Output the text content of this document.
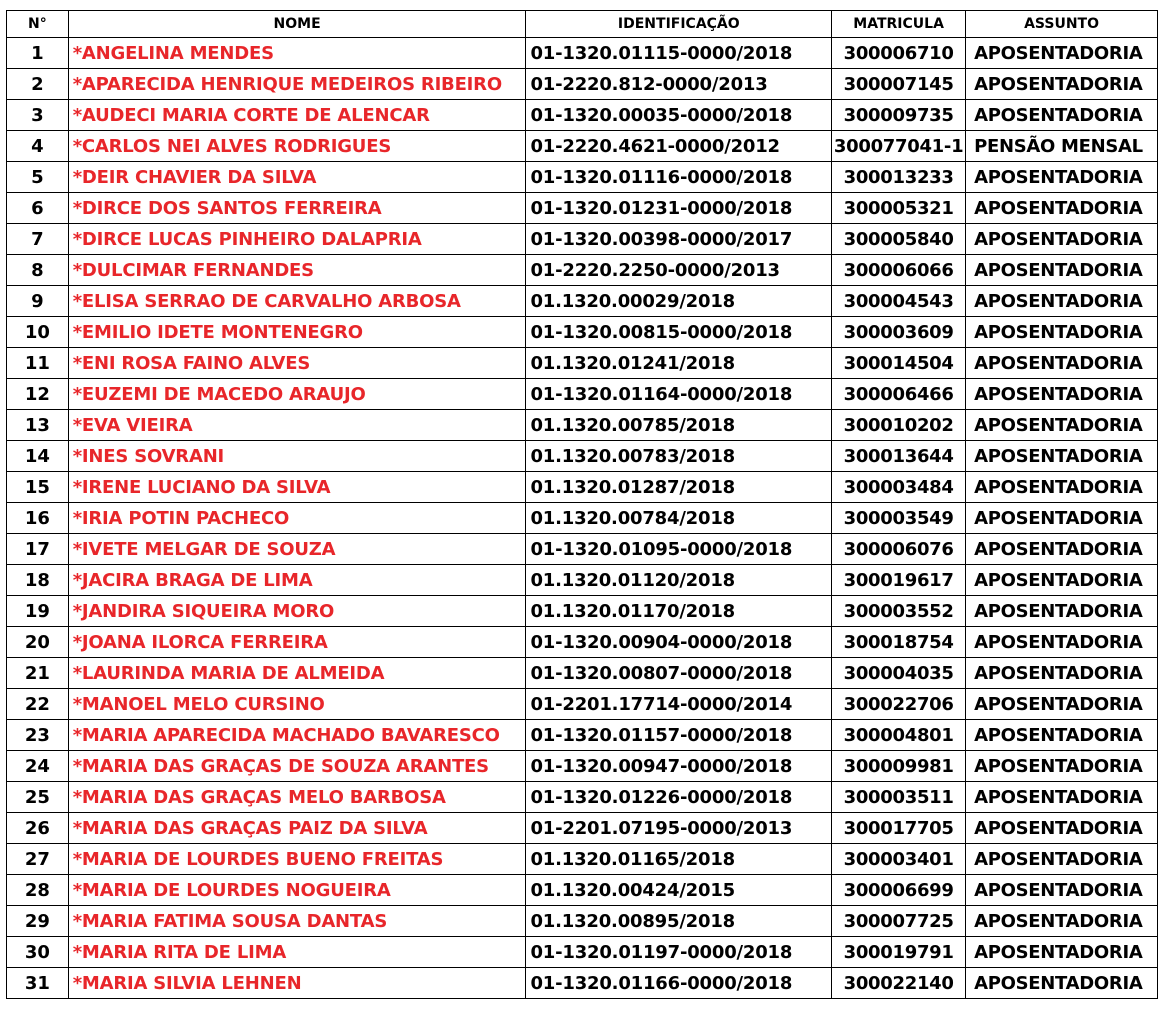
N°	NOME	IDENTIFICAÇÃO	MATRICULA	ASSUNTO
1	*ANGELINA MENDES	01-1320.01115-0000/2018	300006710	APOSENTADORIA
2	*APARECIDA HENRIQUE MEDEIROS RIBEIRO	01-2220.812-0000/2013	300007145	APOSENTADORIA
3	*AUDECI MARIA CORTE DE ALENCAR	01-1320.00035-0000/2018	300009735	APOSENTADORIA
4	*CARLOS NEI ALVES RODRIGUES	01-2220.4621-0000/2012	300077041-1	PENSÃO MENSAL
5	*DEIR CHAVIER DA SILVA	01-1320.01116-0000/2018	300013233	APOSENTADORIA
6	*DIRCE DOS SANTOS FERREIRA	01-1320.01231-0000/2018	300005321	APOSENTADORIA
7	*DIRCE LUCAS PINHEIRO DALAPRIA	01-1320.00398-0000/2017	300005840	APOSENTADORIA
8	*DULCIMAR FERNANDES	01-2220.2250-0000/2013	300006066	APOSENTADORIA
9	*ELISA SERRAO DE CARVALHO ARBOSA	01.1320.00029/2018	300004543	APOSENTADORIA
10	*EMILIO IDETE MONTENEGRO	01-1320.00815-0000/2018	300003609	APOSENTADORIA
11	*ENI ROSA FAINO ALVES	01.1320.01241/2018	300014504	APOSENTADORIA
12	*EUZEMI DE MACEDO ARAUJO	01-1320.01164-0000/2018	300006466	APOSENTADORIA
13	*EVA VIEIRA	01.1320.00785/2018	300010202	APOSENTADORIA
14	*INES SOVRANI	01.1320.00783/2018	300013644	APOSENTADORIA
15	*IRENE LUCIANO DA SILVA	01.1320.01287/2018	300003484	APOSENTADORIA
16	*IRIA POTIN PACHECO	01.1320.00784/2018	300003549	APOSENTADORIA
17	*IVETE MELGAR DE SOUZA	01-1320.01095-0000/2018	300006076	APOSENTADORIA
18	*JACIRA BRAGA DE LIMA	01.1320.01120/2018	300019617	APOSENTADORIA
19	*JANDIRA SIQUEIRA MORO	01.1320.01170/2018	300003552	APOSENTADORIA
20	*JOANA ILORCA FERREIRA	01-1320.00904-0000/2018	300018754	APOSENTADORIA
21	*LAURINDA MARIA DE ALMEIDA	01-1320.00807-0000/2018	300004035	APOSENTADORIA
22	*MANOEL MELO CURSINO	01-2201.17714-0000/2014	300022706	APOSENTADORIA
23	*MARIA APARECIDA MACHADO BAVARESCO	01-1320.01157-0000/2018	300004801	APOSENTADORIA
24	*MARIA DAS GRAÇAS DE SOUZA ARANTES	01-1320.00947-0000/2018	300009981	APOSENTADORIA
25	*MARIA DAS GRAÇAS MELO BARBOSA	01-1320.01226-0000/2018	300003511	APOSENTADORIA
26	*MARIA DAS GRAÇAS PAIZ DA SILVA	01-2201.07195-0000/2013	300017705	APOSENTADORIA
27	*MARIA DE LOURDES BUENO FREITAS	01.1320.01165/2018	300003401	APOSENTADORIA
28	*MARIA DE LOURDES NOGUEIRA	01.1320.00424/2015	300006699	APOSENTADORIA
29	*MARIA FATIMA SOUSA DANTAS	01.1320.00895/2018	300007725	APOSENTADORIA
30	*MARIA RITA DE LIMA	01-1320.01197-0000/2018	300019791	APOSENTADORIA
31	*MARIA SILVIA LEHNEN	01-1320.01166-0000/2018	300022140	APOSENTADORIA
